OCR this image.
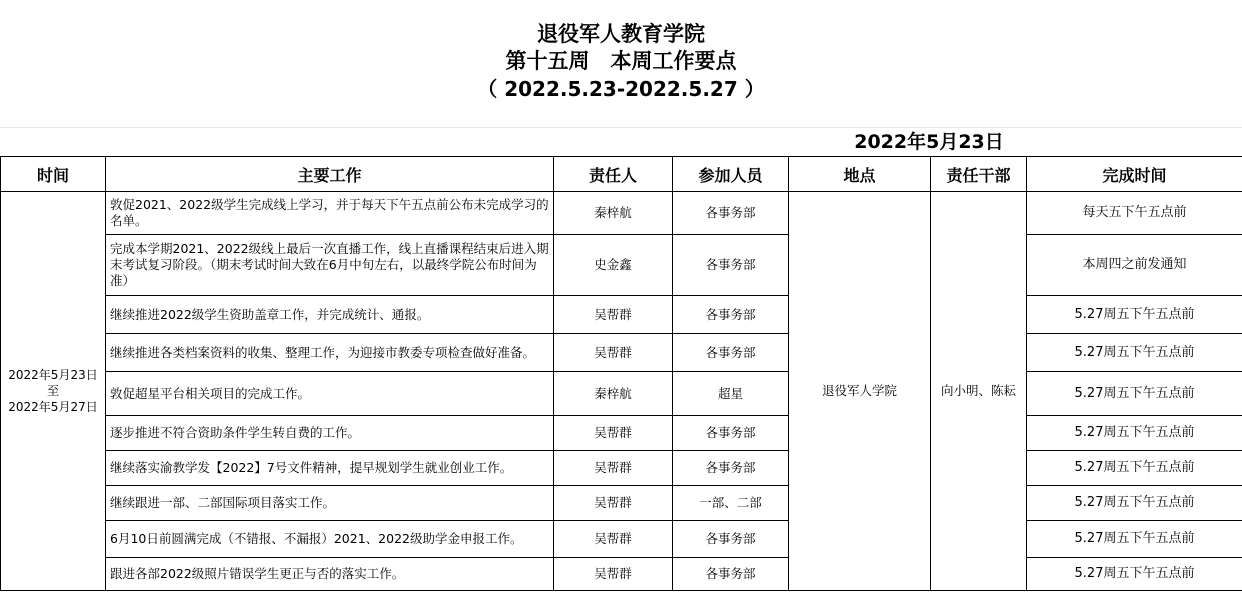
退役军人教育学院
第十五周　本周工作要点
（ 2022.5.23-2022.5.27 ）
2022年5月23日
时间	主要工作	责任人	参加人员	地点	责任干部	完成时间

2022年5月23日
至
2022年5月27日	敦促2021、2022级学生完成线上学习，并于每天下午五点前公布未完成学习的名单。	秦梓航	各事务部	退役军人学院	向小明、陈耘	每天五下午五点前
	完成本学期2021、2022级线上最后一次直播工作，线上直播课程结束后进入期末考试复习阶段。（期末考试时间大致在6月中旬左右，以最终学院公布时间为准）	史金鑫	各事务部			本周四之前发通知
	继续推进2022级学生资助盖章工作，并完成统计、通报。	吴帮群	各事务部			5.27周五下午五点前
	继续推进各类档案资料的收集、整理工作，为迎接市教委专项检查做好准备。	吴帮群	各事务部			5.27周五下午五点前
	敦促超星平台相关项目的完成工作。	秦梓航	超星			5.27周五下午五点前
	逐步推进不符合资助条件学生转自费的工作。	吴帮群	各事务部			5.27周五下午五点前
	继续落实渝教学发【2022】7号文件精神，提早规划学生就业创业工作。	吴帮群	各事务部			5.27周五下午五点前
	继续跟进一部、二部国际项目落实工作。	吴帮群	一部、二部			5.27周五下午五点前
	6月10日前圆满完成（不错报、不漏报）2021、2022级助学金申报工作。	吴帮群	各事务部			5.27周五下午五点前
	跟进各部2022级照片错误学生更正与否的落实工作。	吴帮群	各事务部			5.27周五下午五点前
